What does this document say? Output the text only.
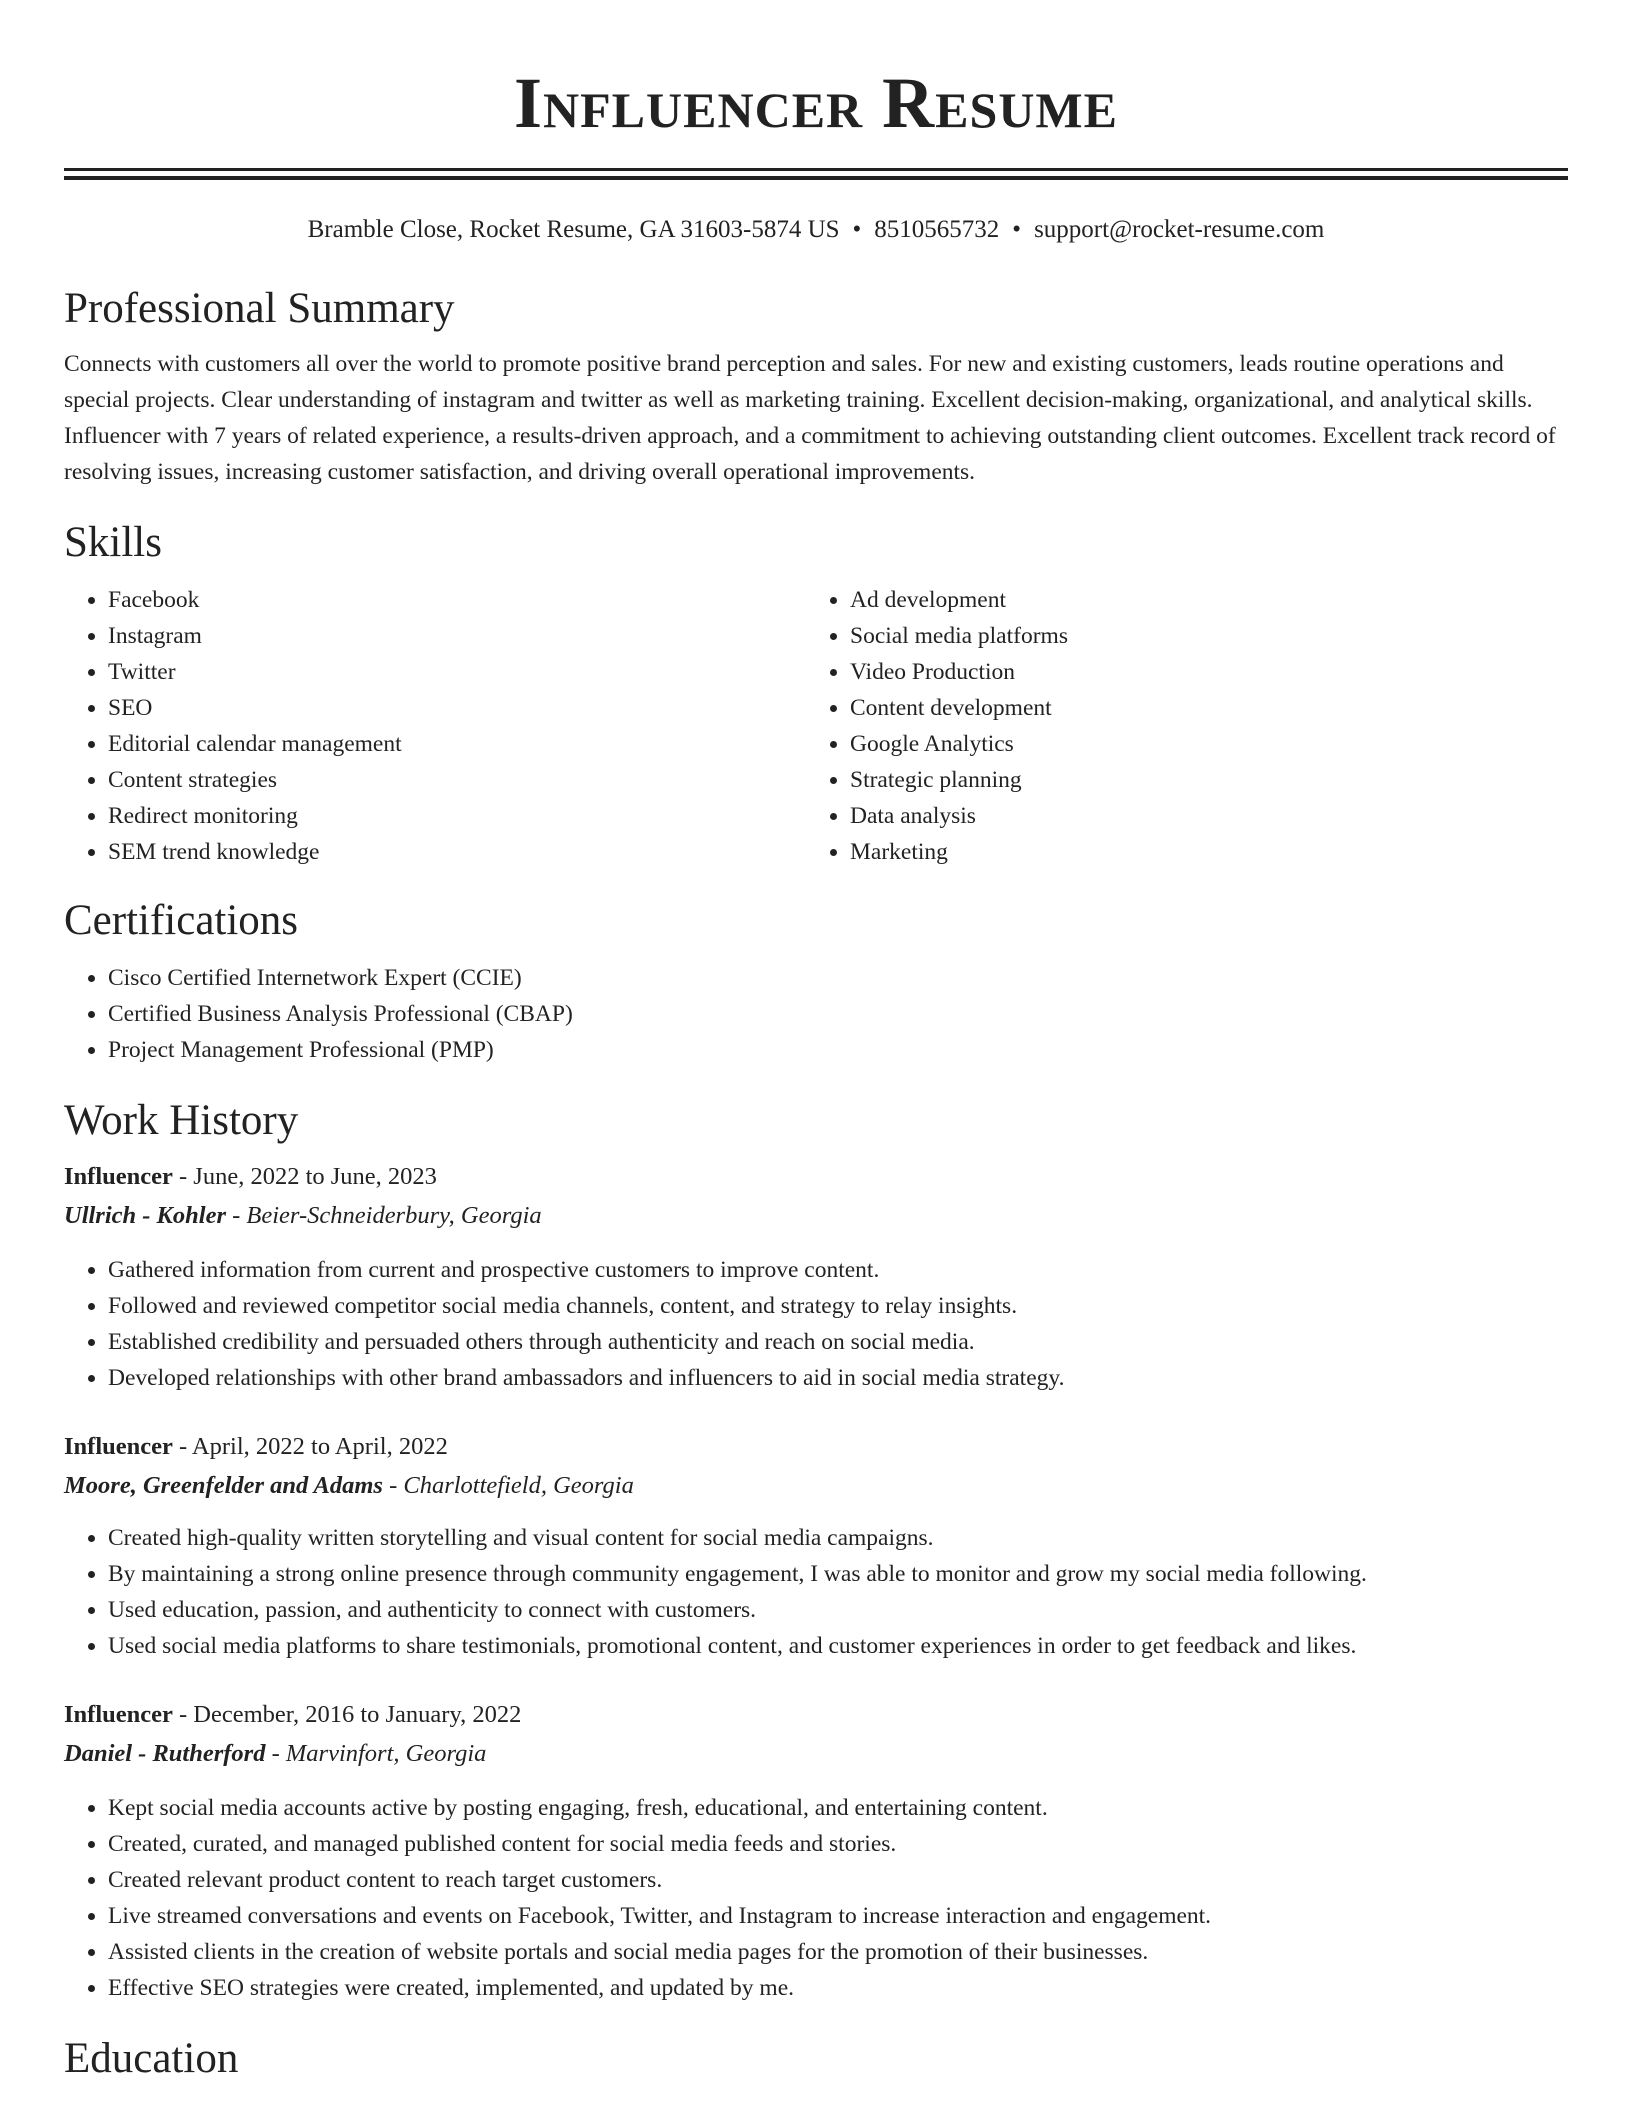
Influencer Resume
Bramble Close, Rocket Resume, GA 31603-5874 US • 8510565732 • support@rocket-resume.com
Professional Summary

Connects with customers all over the world to promote positive brand perception and sales. For new and existing customers, leads routine operations and special projects. Clear understanding of instagram and twitter as well as marketing training. Excellent decision-making, organizational, and analytical skills. Influencer with 7 years of related experience, a results-driven approach, and a commitment to achieving outstanding client outcomes. Excellent track record of resolving issues, increasing customer satisfaction, and driving overall operational improvements.

Skills
• Facebook
• Instagram
• Twitter
• SEO
• Editorial calendar management
• Content strategies
• Redirect monitoring
• SEM trend knowledge
• Ad development
• Social media platforms
• Video Production
• Content development
• Google Analytics
• Strategic planning
• Data analysis
• Marketing
Certifications
• Cisco Certified Internetwork Expert (CCIE)
• Certified Business Analysis Professional (CBAP)
• Project Management Professional (PMP)
Work History
Influencer - June, 2022 to June, 2023
Ullrich - Kohler - Beier-Schneiderbury, Georgia
• Gathered information from current and prospective customers to improve content.
• Followed and reviewed competitor social media channels, content, and strategy to relay insights.
• Established credibility and persuaded others through authenticity and reach on social media.
• Developed relationships with other brand ambassadors and influencers to aid in social media strategy.
Influencer - April, 2022 to April, 2022
Moore, Greenfelder and Adams - Charlottefield, Georgia
• Created high-quality written storytelling and visual content for social media campaigns.
• By maintaining a strong online presence through community engagement, I was able to monitor and grow my social media following.
• Used education, passion, and authenticity to connect with customers.
• Used social media platforms to share testimonials, promotional content, and customer experiences in order to get feedback and likes.
Influencer - December, 2016 to January, 2022
Daniel - Rutherford - Marvinfort, Georgia
• Kept social media accounts active by posting engaging, fresh, educational, and entertaining content.
• Created, curated, and managed published content for social media feeds and stories.
• Created relevant product content to reach target customers.
• Live streamed conversations and events on Facebook, Twitter, and Instagram to increase interaction and engagement.
• Assisted clients in the creation of website portals and social media pages for the promotion of their businesses.
• Effective SEO strategies were created, implemented, and updated by me.
Education
